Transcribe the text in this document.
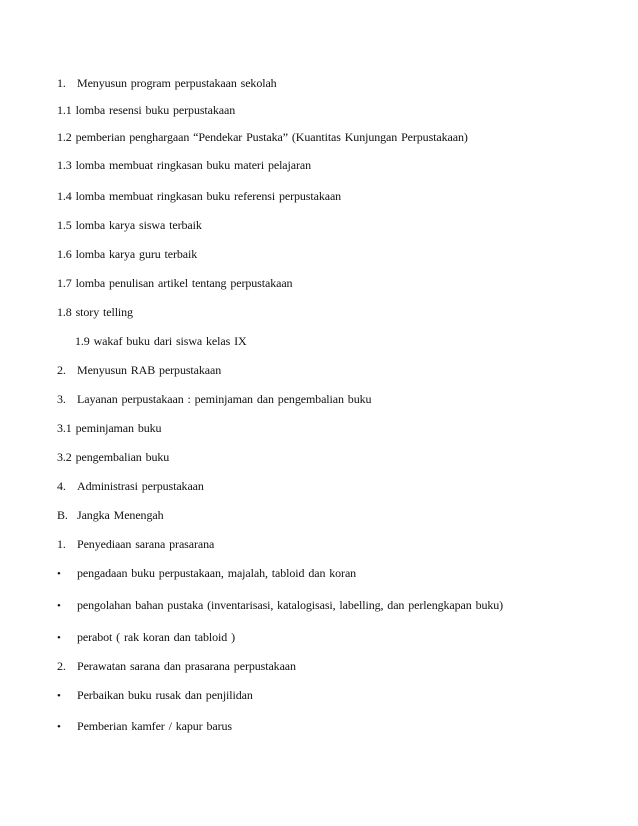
1. Menyusun program perpustakaan sekolah
1.1 lomba resensi buku perpustakaan
1.2 pemberian penghargaan “Pendekar Pustaka” (Kuantitas Kunjungan Perpustakaan)
1.3 lomba membuat ringkasan buku materi pelajaran
1.4 lomba membuat ringkasan buku referensi perpustakaan
1.5 lomba karya siswa terbaik
1.6 lomba karya guru terbaik
1.7 lomba penulisan artikel tentang perpustakaan
1.8 story telling
1.9 wakaf buku dari siswa kelas IX
2. Menyusun RAB perpustakaan
3. Layanan perpustakaan : peminjaman dan pengembalian buku
3.1 peminjaman buku
3.2 pengembalian buku
4. Administrasi perpustakaan
B. Jangka Menengah
1. Penyediaan sarana prasarana
• pengadaan buku perpustakaan, majalah, tabloid dan koran
• pengolahan bahan pustaka (inventarisasi, katalogisasi, labelling, dan perlengkapan buku)
• perabot ( rak koran dan tabloid )
2. Perawatan sarana dan prasarana perpustakaan
• Perbaikan buku rusak dan penjilidan
• Pemberian kamfer / kapur barus
